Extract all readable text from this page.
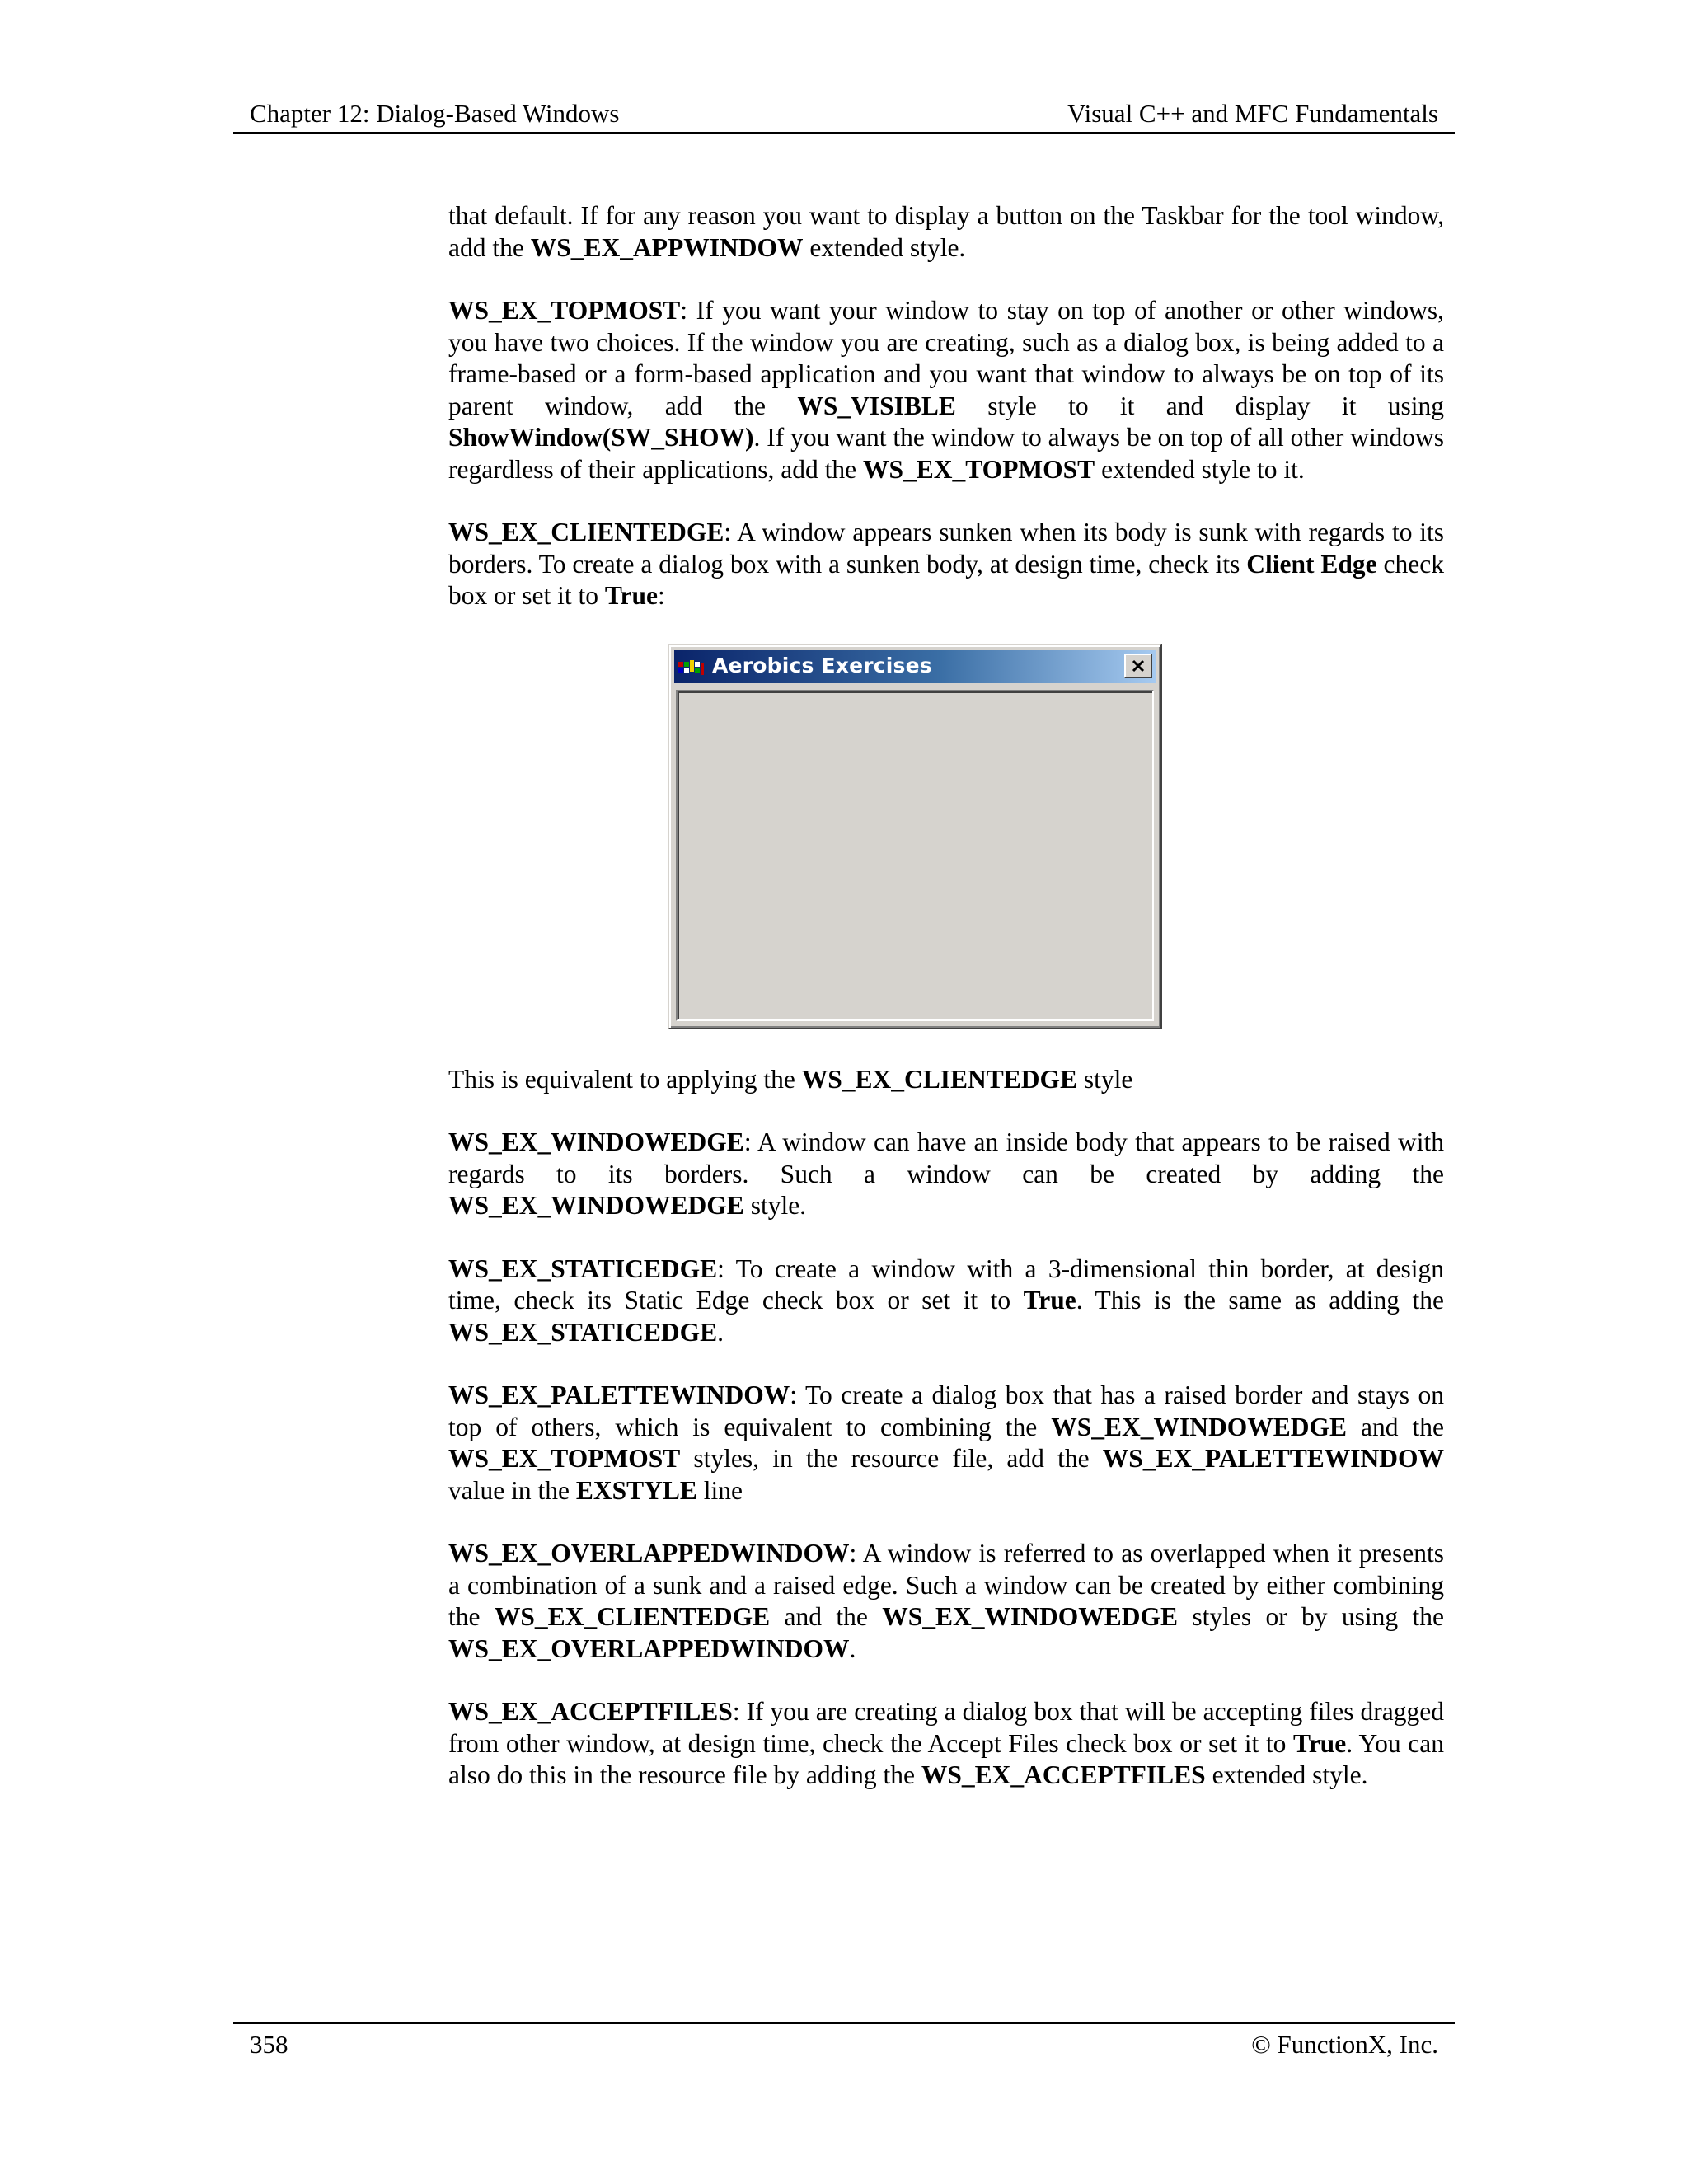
Chapter 12: Dialog-Based Windows	Visual C++ and MFC Fundamentals

that default. If for any reason you want to display a button on the Taskbar for the tool window, add the WS_EX_APPWINDOW extended style.

WS_EX_TOPMOST: If you want your window to stay on top of another or other windows, you have two choices. If the window you are creating, such as a dialog box, is being added to a frame-based or a form-based application and you want that window to always be on top of its parent window, add the WS_VISIBLE style to it and display it using ShowWindow(SW_SHOW). If you want the window to always be on top of all other windows regardless of their applications, add the WS_EX_TOPMOST extended style to it.

WS_EX_CLIENTEDGE: A window appears sunken when its body is sunk with regards to its borders. To create a dialog box with a sunken body, at design time, check its Client Edge check box or set it to True:

Aerobics Exercises

This is equivalent to applying the WS_EX_CLIENTEDGE style

WS_EX_WINDOWEDGE: A window can have an inside body that appears to be raised with regards to its borders. Such a window can be created by adding the WS_EX_WINDOWEDGE style.

WS_EX_STATICEDGE: To create a window with a 3-dimensional thin border, at design time, check its Static Edge check box or set it to True. This is the same as adding the WS_EX_STATICEDGE.

WS_EX_PALETTEWINDOW: To create a dialog box that has a raised border and stays on top of others, which is equivalent to combining the WS_EX_WINDOWEDGE and the WS_EX_TOPMOST styles, in the resource file, add the WS_EX_PALETTEWINDOW value in the EXSTYLE line

WS_EX_OVERLAPPEDWINDOW: A window is referred to as overlapped when it presents a combination of a sunk and a raised edge. Such a window can be created by either combining the WS_EX_CLIENTEDGE and the WS_EX_WINDOWEDGE styles or by using the WS_EX_OVERLAPPEDWINDOW.

WS_EX_ACCEPTFILES: If you are creating a dialog box that will be accepting files dragged from other window, at design time, check the Accept Files check box or set it to True. You can also do this in the resource file by adding the WS_EX_ACCEPTFILES extended style.

358	© FunctionX, Inc.
